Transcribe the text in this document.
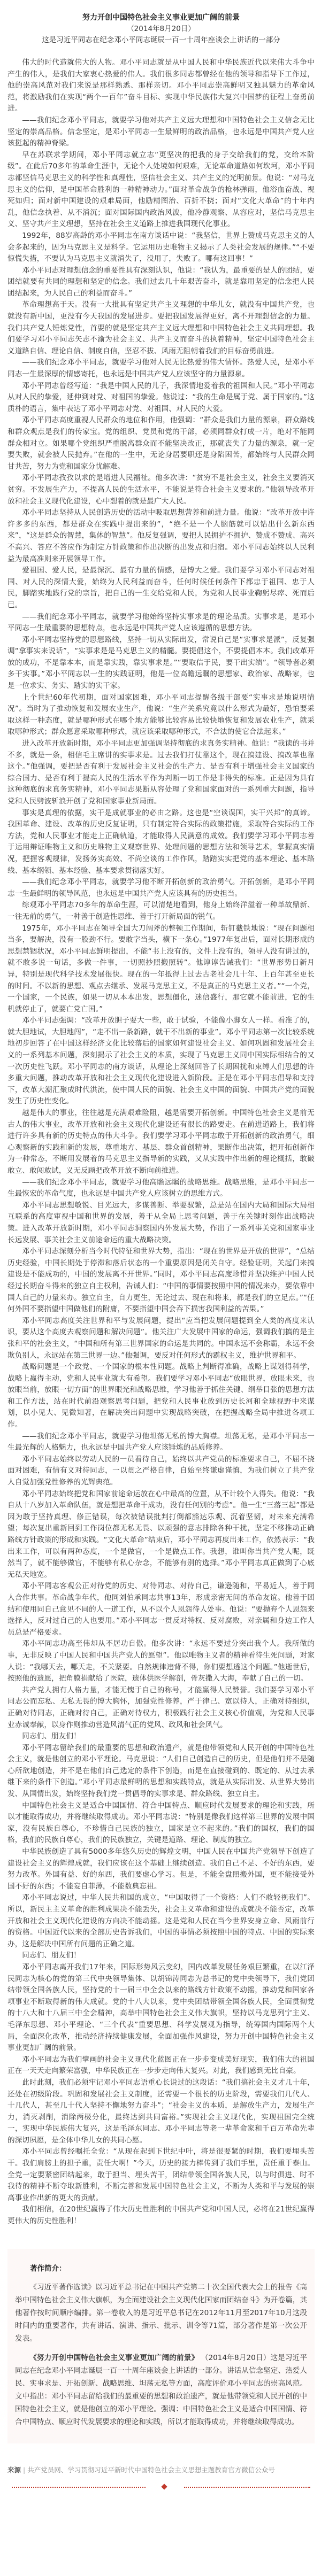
努力开创中国特色社会主义事业更加广阔的前景
（2014年8月20日）
这是习近平同志在纪念邓小平同志诞辰一百一十周年座谈会上讲话的一部分

伟大的时代造就伟大的人物。邓小平同志就是从中国人民和中华民族近代以来伟大斗争中产生的伟人，是我们大家衷心热爱的伟人。我们很多同志都曾经在他的领导和指导下工作过，他的崇高风范对我们来说是那样熟悉、那样亲切。邓小平同志崇高鲜明又独具魅力的革命风范，将激励我们在实现“两个一百年”奋斗目标、实现中华民族伟大复兴中国梦的征程上奋勇前进。

——我们纪念邓小平同志，就要学习他对共产主义远大理想和中国特色社会主义信念无比坚定的崇高品格。信念坚定，是邓小平同志一生最鲜明的政治品格，也永远是中国共产党人应该挺起的精神脊梁。

早在苏联求学期间，邓小平同志就立志“更坚决的把我的身子交给我们的党，交给本阶级”。在此后70多年的革命生涯中，无论个人处境如何艰难，无论革命道路如何坎坷，邓小平同志都坚信马克思主义的科学性和真理性，坚信社会主义、共产主义的光明前景。他说：“对马克思主义的信仰，是中国革命胜利的一种精神动力。”面对革命战争的枪林弹雨，他浴血奋战、视死如归；面对新中国建设的艰难局面，他励精图治、百折不挠；面对“文化大革命”的十年内乱，他信念执着、从不消沉；面对国际国内政治风波，他冷静观察、从容应对，坚信马克思主义、坚守共产主义理想，坚持在社会主义道路上推进我国现代化事业。

1992年，88岁高龄的邓小平同志在南方谈话中说：“我坚信，世界上赞成马克思主义的人会多起来的，因为马克思主义是科学。它运用历史唯物主义揭示了人类社会发展的规律。”“不要惊慌失措，不要认为马克思主义就消失了，没用了，失败了。哪有这回事！”

邓小平同志对理想信念的重要性具有深刻认识，他说：“我认为，最重要的是人的团结，要团结就要有共同的理想和坚定的信念。我们过去几十年艰苦奋斗，就是靠用坚定的信念把人民团结起来，为人民自己的利益而奋斗。”

革命理想高于天。没有一大批具有坚定共产主义理想的中华儿女，就没有中国共产党，也就没有新中国，更没有今天我国的发展进步。要把我国发展得更好，离不开理想信念的力量。我们共产党人锤炼党性，首要的就是坚定共产主义远大理想和中国特色社会主义共同理想。我们要学习邓小平同志矢志不渝为社会主义、共产主义而奋斗的执着精神，坚定中国特色社会主义道路自信、理论自信、制度自信，坚忍不拔、风雨无阻朝着我们的目标奋勇前进。

——我们纪念邓小平同志，就要学习他对人民无比热爱的伟大情怀。热爱人民，是邓小平同志一生最深厚的情感寄托，也永远是中国共产党人应该坚守的力量源泉。

邓小平同志曾经写道：“我是中国人民的儿子，我深情地爱着我的祖国和人民。”邓小平同志从对人民的挚爱，延伸到对党、对祖国的挚爱。他说过：“我的生命是属于党、属于国家的。”这质朴的语言，集中表达了邓小平同志对党、对祖国、对人民的大爱。

邓小平同志高度重视人民群众的地位和作用，他强调：“群众是我们力量的源泉，群众路线和群众观点是我们的传家宝。党的组织、党员和党的干部，必须同群众打成一片，绝对不能同群众相对立。如果哪个党组织严重脱离群众而不能坚决改正，那就丧失了力量的源泉，就一定要失败，就会被人民抛弃。”在他的一生中，无论身居要职还是身陷困苦，都始终与人民群众同甘共苦，努力为党和国家分忧解难。

邓小平同志孜孜以求的是增进人民福祉。他多次讲：“贫穷不是社会主义，社会主义要消灭贫穷。不发展生产力，不提高人民的生活水平，不能说是符合社会主义要求的。”他领导改革开放和社会主义现代化建设，心中想着的就是最广大人民。

邓小平同志坚持从人民创造历史的活动中吸取思想营养和前进力量。他说：“改革开放中许许多多的东西，都是群众在实践中提出来的”，“绝不是一个人脑筋就可以钻出什么新东西来”，“这是群众的智慧，集体的智慧”。他反复强调，要把人民拥护不拥护、赞成不赞成、高兴不高兴、答应不答应作为制定方针政策和作出决断的出发点和归宿。邓小平同志始终以人民利益为最高准则来开展领导工作。

爱祖国、爱人民，是最深沉、最有力量的情感，是博大之爱。我们要学习邓小平同志对祖国、对人民的深情大爱，始终为人民利益而奋斗，任何时候任何条件下都忠于祖国、忠于人民，脚踏实地践行党的宗旨，把自己的一生交给党和人民，为党和人民事业鞠躬尽瘁、死而后已。

——我们纪念邓小平同志，就要学习他始终坚持实事求是的理论品质。实事求是，是邓小平同志一生最重要的思想特点，也永远是中国共产党人应该遵循的思想方法。

邓小平同志坚持党的思想路线，坚持一切从实际出发，常说自己是“实事求是派”，反复强调“拿事实来说话”，“实事求是是马克思主义的精髓。要提倡这个，不要提倡本本。我们改革开放的成功，不是靠本本，而是靠实践，靠实事求是。”“要取信于民，要干出实绩”。“领导者必须多干实事。”邓小平同志以一生的实践证明，他是一位高瞻远瞩的思想家、政治家、战略家，也是一位求实、务实、踏实的实干家。

上个世纪60年代初期，面对国家困难，邓小平同志提醒各级干部要“实事求是地说明情况”。当时为了推动恢复和发展农业生产，他说：“生产关系究竟以什么形式为最好，恐怕要采取这样一种态度，就是哪种形式在哪个地方能够比较容易比较快地恢复和发展农业生产，就采取哪种形式；群众愿意采取哪种形式，就应该采取哪种形式，不合法的使它合法起来。”

进入改革开放新时期，邓小平同志更加强调坚持彻底的求真务实精神。他说：“我读的书并不多，就是一条，相信毛主席讲的实事求是。过去我们打仗靠这个，现在搞建设、搞改革也靠这个。”他强调，要把是否有利于发展社会主义社会的生产力、是否有利于增强社会主义国家的综合国力、是否有利于提高人民的生活水平作为判断一切工作是非得失的标准。正是因为具有这种彻底的求真务实精神，邓小平同志果断从容处理了党和国家面对的一系列重大问题，指导党和人民劈波斩浪开创了党和国家事业新局面。

事实是真理的依据，实干是成就事业的必由之路。这也是“空谈误国，实干兴邦”的真谛。我国革命、建设、改革的历史反复证明，只有制定符合实际的政策措施，采取符合实际的工作方法，党和人民事业才能走上正确轨道，才能取得人民满意的成效。我们要学习邓小平同志善于运用辩证唯物主义和历史唯物主义观察世界、处理问题的思想方法和领导艺术，掌握真实情况，把握客观规律，发扬务实高效、不尚空谈的工作作风，踏踏实实把党的基本理论、基本路线、基本纲领、基本经验、基本要求贯彻落实好。

——我们纪念邓小平同志，就要学习他不断开拓创新的政治勇气。开拓创新，是邓小平同志一生最鲜明的领导风范，也永远是中国共产党人应该具有的历史担当。

综观邓小平同志70多年的革命生涯，可以清楚地看到，他身上始终洋溢着一种革故鼎新、一往无前的勇气，一种善于创造性思维、善于打开新局面的锐气。

1975年，邓小平同志在领导全国大刀阔斧的整顿工作期间，斩钉截铁地说：“现在问题相当多，要解决，没有一股劲不行。要敢字当头，横下一条心。”1977年复出后，面对长期形成的思想禁锢状况，邓小平同志鲜明提出，不能“书上没有的，文件上没有的，领导人没有讲过的，就不敢多说一句话，多做一件事，一切照抄照搬照转”。他谆谆告诫我们：“世界形势日新月异，特别是现代科学技术发展很快。现在的一年抵得上过去古老社会几十年、上百年甚至更长的时间。不以新的思想、观点去继承、发展马克思主义，不是真正的马克思主义者。”“一个党，一个国家，一个民族，如果一切从本本出发，思想僵化，迷信盛行，那它就不能前进，它的生机就停止了，就要亡党亡国。”

邓小平同志强调：“改革开放胆子要大一些，敢于试验，不能像小脚女人一样。看准了的，就大胆地试，大胆地闯”，“走不出一条新路，就干不出新的事业”。邓小平同志第一次比较系统地初步回答了在中国这样经济文化比较落后的国家如何建设社会主义、如何巩固和发展社会主义的一系列基本问题，深刻揭示了社会主义的本质，实现了马克思主义同中国实际相结合的又一次历史性飞跃。邓小平同志的南方谈话，从理论上深刻回答了长期困扰和束缚人们思想的许多重大问题，推动改革开放和社会主义现代化建设进入新阶段。正是在邓小平同志倡导和支持下，改革大潮汇聚成时代洪流，使中国人民的面貌、社会主义中国的面貌、中国共产党的面貌发生了历史性变化。

越是伟大的事业，往往越是充满艰难险阻，越是需要开拓创新。中国特色社会主义是前无古人的伟大事业，改革开放和社会主义现代化建设还有很长的路要走。在前进道路上，我们将进行许多具有新的历史特点的伟大斗争。我们要学习邓小平同志敢于开拓创新的政治勇气，细心观察新的实践和新的发展，尊重地方、基层、群众首创精神，果断作出决策，把开拓创新作为一种常态，不断用发展着的马克思主义指导新的实践，又从实践中作出新的理论概括，敢破敢立、敢闯敢试，义无反顾把改革开放不断向前推进。

——我们纪念邓小平同志，就要学习他高瞻远瞩的战略思维。战略思维，是邓小平同志一生最恢宏的革命气度，也永远是中国共产党人应该树立的思维方式。

邓小平同志思想敏锐、目光远大，多谋善断、举要驭繁，总是站在国内大局和国际大局相互联系的高度审视中国和世界的发展，善于从全局上思考问题，善于在关键时刻作出战略决策。进入改革开放新时期，邓小平同志洞察国内外发展大势，作出了一系列事关党和国家事业长远发展、事关社会主义前途命运的重大战略决策。

邓小平同志深刻分析当今时代特征和世界大势，指出：“现在的世界是开放的世界”，“总结历史经验，中国长期处于停滞和落后状态的一个重要原因是闭关自守。经验证明，关起门来搞建设是不能成功的，中国的发展离不开世界。”同时，邓小平同志高度珍惜并坚决维护中国人民经过长期奋斗得来的独立自主权利，告诫人们：“中国的事情要按照中国的情况来办，要依靠中国人自己的力量来办。独立自主，自力更生，无论过去、现在和将来，都是我们的立足点。”“任何外国不要指望中国做他们的附庸，不要指望中国会吞下损害我国利益的苦果。”

邓小平同志高度关注世界和平与发展问题，提出“应当把发展问题提到全人类的高度来认识，要从这个高度去观察问题和解决问题”。他关注广大发展中国家的命运，强调我们搞的是主张和平的社会主义，“中国和所有第三世界国家的命运是共同的。中国永远不会称霸，永远不会欺负别人，永远站在第三世界一边。”他强调，要反对任何形式的霸权主义，维护世界和平。

战略问题是一个政党、一个国家的根本性问题。战略上判断得准确，战略上谋划得科学，战略上赢得主动，党和人民事业就大有希望。我们要学习邓小平同志“放眼世界，放眼未来，也放眼当前，放眼一切方面”的世界眼光和战略思维，学习他善于抓住关键、纲举目张的思想方法和工作方法，站在时代前沿观察思考问题，把党和人民事业放到历史长河和全球视野中来谋划，以小见大、见微知著，在解决突出问题中实现战略突破，在把握战略全局中推进各项工作。

——我们纪念邓小平同志，就要学习他坦荡无私的博大胸襟。坦荡无私，是邓小平同志一生最光辉的人格魅力，也永远是中国共产党人应该锤炼的品质修养。

邓小平同志始终以劳动人民的一员看待自己，始终以共产党员的标准要求自己，不屈不挠面对困难，有情有义对待同志，一以贯之严格自律，自始至终谦虚谨慎，为我们树立了共产党人自觉加强党性修养的光辉典范。

邓小平同志始终把党和国家前途命运放在心中最高的位置，从不计较个人得失。他说：“我自从十八岁加入革命队伍，就是想把革命干成功，没有任何别的考虑”。他一生“三落三起”都是因为敢于坚持真理、修正错误，每次被错误批判打倒都豁达乐观、沉着坚韧，对未来充满希望；每次复出重新回到工作岗位都无私无畏、以顽强的意志排除各种干扰，坚定不移推动正确路线方针政策的形成和实践。“文化大革命”结束后，邓小平同志再度出来工作，依然表示：“我出来工作，可以有两种态度，一个是做官，一个是做点工作。我想，谁叫你当共产党人呢，既然当了，就不能够做官，不能够有私心杂念，不能够有别的选择。”邓小平同志真正做到了心底无私天地宽。

邓小平同志客观公正对待党的历史、对待同志、对待自己，谦逊随和，平易近人，善于同人合作共事。革命战争年代，他同刘伯承同志共事13年，形成亲密无间的革命友谊。他善于团结和使用同自己意见不同的人一道工作，从不以个人恩怨待人处事。他说：“要抛弃个人恩怨来选择人，反对过自己的人也要用。”邓小平同志一贯反对特权、反对腐败，对亲属和身边工作人员总是严格要求。

邓小平同志功高至伟却从不居功自傲。他多次讲：“永远不要过分突出我个人。我所做的事，无非反映了中国人民和中国共产党人的愿望”。他以唯物主义者的精神看待生死问题，对家人说：“我哪天去，哪天走，不关紧要。自然规律违背不得，你们要想透这个问题。”他逝世后，按照他的遗愿，把角膜捐献给了医院，遗体供医学解剖，骨灰撒入大海，奉献了自己的一切。

共产党人拥有人格力量，才能无愧于自己的称号，才能赢得人民赞誉。我们要学习邓小平同志公而忘私、无私无畏的博大胸怀，加强党性修养，严于律己、宽以待人，正确对待组织，正确对待同志，正确对待自己，正确对待权力，积极践行社会主义核心价值观，为党和人民事业赤诚奉献，以身作则推动营造风清气正的党风、政风和社会风气。

同志们、朋友们！

邓小平同志留给我们的最重要的思想和政治遗产，就是他带领党和人民开创的中国特色社会主义，就是他创立的邓小平理论。马克思说：“人们自己创造自己的历史，但是他们并不是随心所欲地创造，并不是在他们自己选定的条件下创造，而是在直接碰到的、既定的、从过去承继下来的条件下创造。”邓小平同志最鲜明的思想和实践特点，就是从实际出发、从世界大势出发、从国情出发，始终坚持我们党一贯倡导的实事求是、群众路线、独立自主。

中国特色社会主义是适合中国国情、符合中国特点、顺应时代发展要求的理论和实践，所以才能取得成功，并将继续取得成功。邓小平同志说：“特别是像我们这样第三世界的发展中国家，没有民族自尊心，不珍惜自己民族的独立，国家是立不起来的。”我们的国权，我们的国格，我们的民族自尊心，我们的民族独立，关键是道路、理论、制度的独立。

中华民族创造了具有5000多年悠久历史的辉煌文明，中国人民在中国共产党领导下创造了建设社会主义的辉煌成就，我们应该在这个基础上继续创造。我们自己不足、不好的东西，要努力改革。外国有益、好的东西，我们要虚心学习。但是，不能全盘照搬外国，更不能接受外国不好的东西；不能妄自菲薄，不能数典忘祖。

邓小平同志说过，中华人民共和国的成立，“中国取得了一个资格：人们不敢轻视我们”。所以，新民主主义革命的胜利成果决不能丢失，社会主义革命和建设的成就决不能否定，改革开放和社会主义现代化建设的方向决不能动摇。这是党和人民在当今世界安身立命、风雨前行的资格。中国近代以来的全部历史告诉我们，中国的事情必须按照中国的特点、中国的实际来办，这是解决中国所有问题的正确之道。

同志们、朋友们！

邓小平同志离开我们17年来，国际形势风云变幻，国内改革发展任务艰巨繁重，在以江泽民同志为核心的党的第三代中央领导集体、以胡锦涛同志为总书记的党中央领导下，我们党团结带领全国各族人民，坚持党的十一届三中全会以来的路线方针政策不动摇，推动党和国家各项事业不断取得新的伟大成就。党的十八大以来，党中央团结带领全国各族人民，全面贯彻党的十八大和十八届三中全会精神，高举中国特色社会主义伟大旗帜，坚持以马克思列宁主义、毛泽东思想、邓小平理论、“三个代表”重要思想、科学发展观为指导，统筹国内国际两个大局，全面深化改革，推动经济持续健康发展，全面加强作风建设，努力开创中国特色社会主义事业更加广阔的前景。

邓小平同志为我们擘画的社会主义现代化蓝图正在一步步变成美好现实，我们伟大的祖国正在一天天走向繁荣富强，中华民族正在一步步走向伟大复兴。对此，我们感到无比自豪。

此时此刻，我们必须牢记邓小平同志语重心长说过的这段话：“我们搞社会主义才几十年，还处在初级阶段。巩固和发展社会主义制度，还需要一个很长的历史阶段，需要我们几代人、十几代人，甚至几十代人坚持不懈地努力奋斗”；“社会主义的本质，是解放生产力，发展生产力，消灭剥削，消除两极分化，最终达到共同富裕。”实现社会主义现代化，实现祖国完全统一，实现中华民族伟大复兴，这是毛泽东同志、邓小平同志等老一辈革命家和千百万革命先辈的深切夙愿，是全体中华儿女的共同心愿。

邓小平同志曾经嘱托全党：“从现在起到下世纪中叶，将是很要紧的时期，我们要埋头苦干。我们肩膀上的担子重，责任大啊！”今天，历史的接力棒传到了我们手里，责任重于泰山。全党一定要紧密团结起来，敢于担当、埋头苦干，团结带领全国各族人民，以与时俱进、时不我待的精神不断夺取新胜利，不断完善和发展中国特色社会主义，不断为人类和平与发展的崇高事业作出新的更大的贡献。

我们相信，在20世纪赢得了伟大历史性胜利的中国共产党和中国人民，必将在21世纪赢得更伟大的历史性胜利！

著作简介：

《习近平著作选读》以习近平总书记在中国共产党第二十次全国代表大会上的报告《高举中国特色社会主义伟大旗帜，为全面建设社会主义现代化国家而团结奋斗》为开卷篇，其他著作按时间顺序编排。第一卷收入的是习近平总书记在2012年11月至2017年10月这段时间内的重要著作，共有讲话、演讲、指示、批示、训令等71篇，部分著作是第一次公开发表。

《努力开创中国特色社会主义事业更加广阔的前景》 （2014年8月20日）这是习近平同志在纪念邓小平同志诞辰一百一十周年座谈会上讲话的一部分。讲话从信念坚定、热爱人民、实事求是、开拓创新、战略思维、坦荡无私等方面，高度评价邓小平同志的崇高风范。文中指出：邓小平同志留给我们的最重要的思想和政治遗产，就是他带领党和人民开创的中国特色社会主义，就是他创立的邓小平理论。强调：中国特色社会主义是适合中国国情、符合中国特点、顺应时代发展要求的理论和实践，所以才能取得成功，并将继续取得成功。

来源 | 共产党员网、学习贯彻习近平新时代中国特色社会主义思想主题教育官方微信公众号
